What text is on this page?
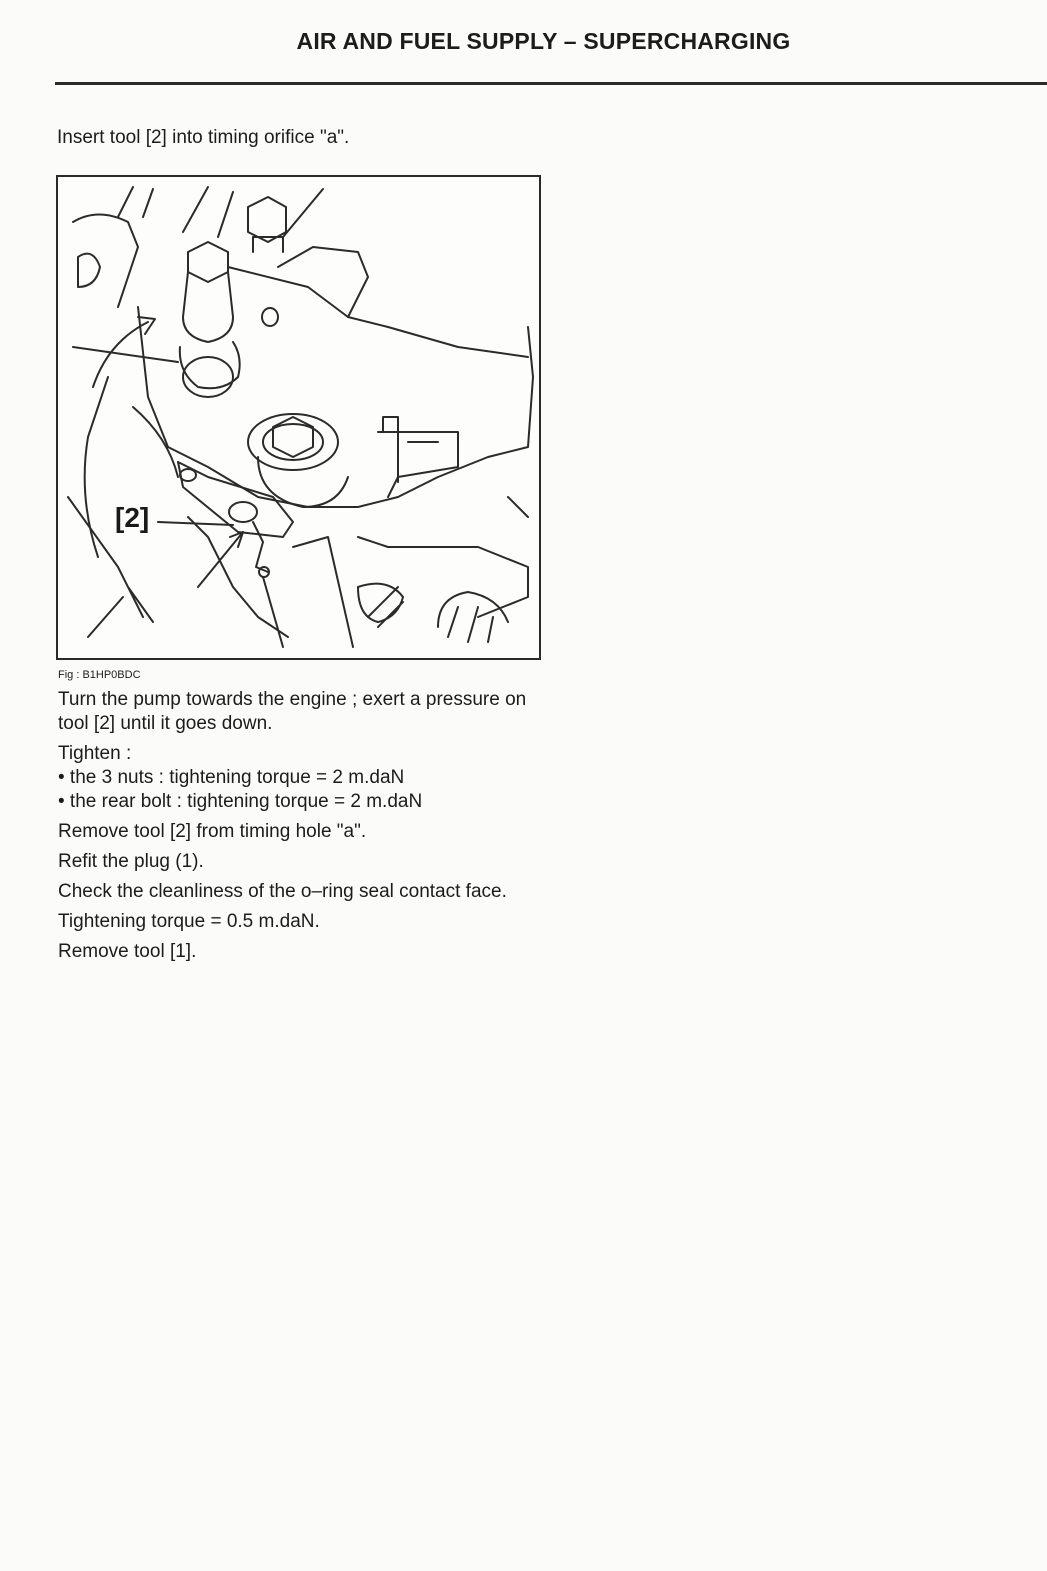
AIR AND FUEL SUPPLY – SUPERCHARGING
Insert tool [2] into timing orifice "a".
[2]
Fig : B1HP0BDC

Turn the pump towards the engine ; exert a pressure on tool [2] until it goes down.

Tighten :

• the 3 nuts : tightening torque = 2 m.daN

• the rear bolt : tightening torque = 2 m.daN

Remove tool [2] from timing hole "a".

Refit the plug (1).

Check the cleanliness of the o–ring seal contact face.

Tightening torque = 0.5 m.daN.

Remove tool [1].
